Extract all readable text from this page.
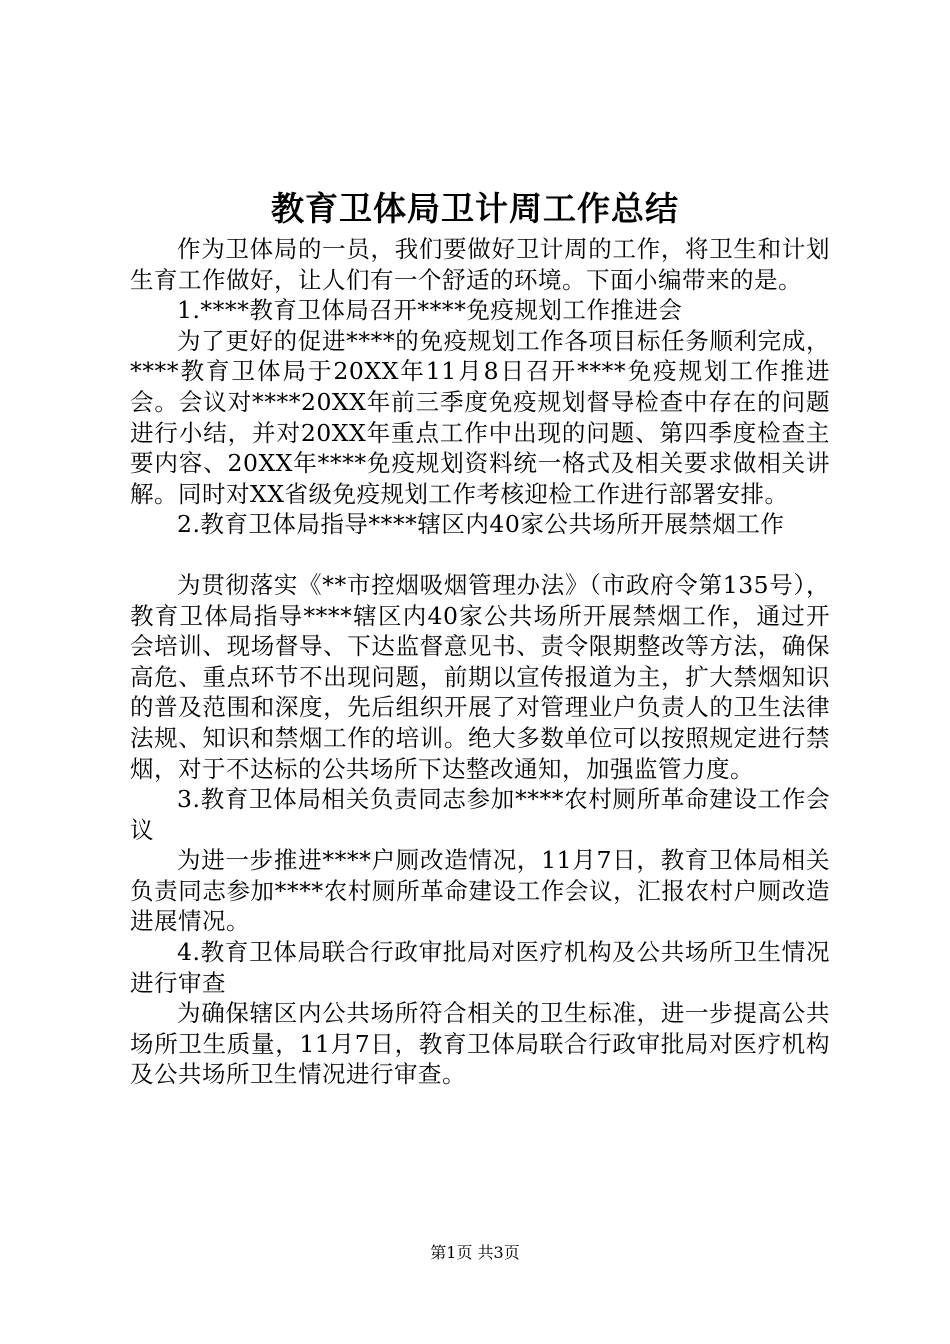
教育卫体局卫计周工作总结

作为卫体局的一员，我们要做好卫计周的工作，将卫生和计划生育工作做好，让人们有一个舒适的环境。下面小编带来的是。

1.****教育卫体局召开****免疫规划工作推进会

为了更好的促进****的免疫规划工作各项目标任务顺利完成，****教育卫体局于20XX年11月8日召开****免疫规划工作推进会。会议对****20XX年前三季度免疫规划督导检查中存在的问题进行小结，并对20XX年重点工作中出现的问题、第四季度检查主要内容、20XX年****免疫规划资料统一格式及相关要求做相关讲解。同时对XX省级免疫规划工作考核迎检工作进行部署安排。

2.教育卫体局指导****辖区内40家公共场所开展禁烟工作

为贯彻落实《**市控烟吸烟管理办法》（市政府令第135号），教育卫体局指导****辖区内40家公共场所开展禁烟工作，通过开会培训、现场督导、下达监督意见书、责令限期整改等方法，确保高危、重点环节不出现问题，前期以宣传报道为主，扩大禁烟知识的普及范围和深度，先后组织开展了对管理业户负责人的卫生法律法规、知识和禁烟工作的培训。绝大多数单位可以按照规定进行禁烟，对于不达标的公共场所下达整改通知，加强监管力度。

3.教育卫体局相关负责同志参加****农村厕所革命建设工作会议

为进一步推进****户厕改造情况，11月7日，教育卫体局相关负责同志参加****农村厕所革命建设工作会议，汇报农村户厕改造进展情况。

4.教育卫体局联合行政审批局对医疗机构及公共场所卫生情况进行审查

为确保辖区内公共场所符合相关的卫生标准，进一步提高公共场所卫生质量，11月7日，教育卫体局联合行政审批局对医疗机构及公共场所卫生情况进行审查。

第1页 共3页
